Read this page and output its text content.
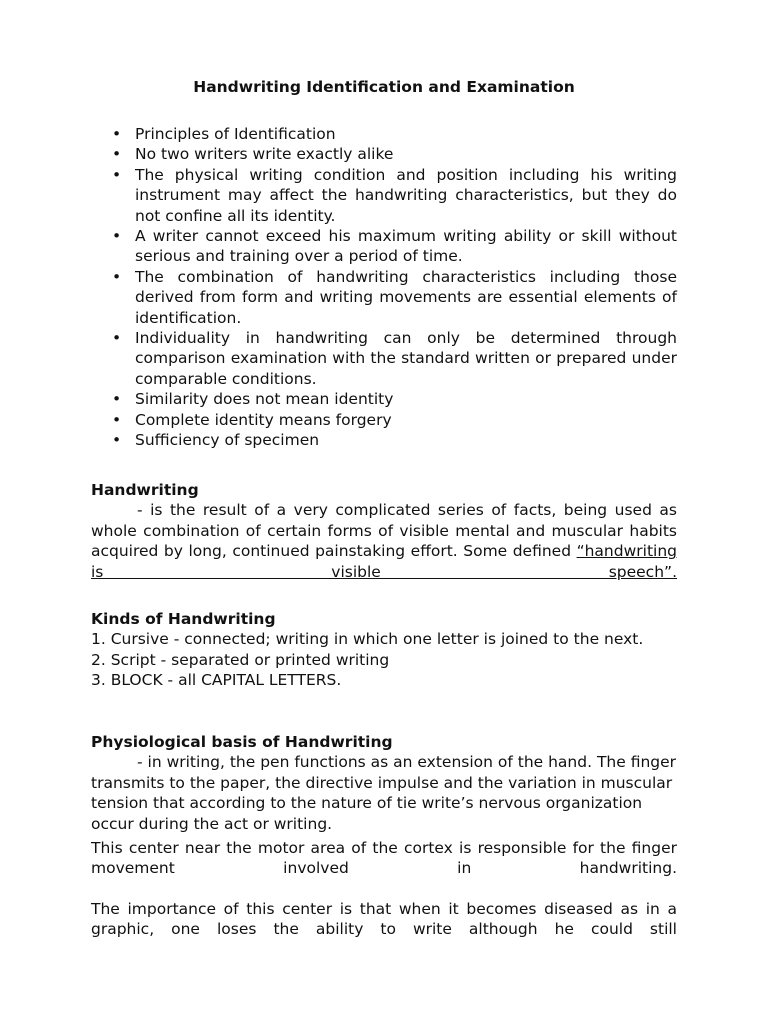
Handwriting Identification and Examination
• Principles of Identification
• No two writers write exactly alike
• The physical writing condition and position including his writing instrument may affect the handwriting characteristics, but they do not confine all its identity.
• A writer cannot exceed his maximum writing ability or skill without serious and training over a period of time.
• The combination of handwriting characteristics including those derived from form and writing movements are essential elements of identification.
• Individuality in handwriting can only be determined through comparison examination with the standard written or prepared under comparable conditions.
• Similarity does not mean identity
• Complete identity means forgery
• Sufficiency of specimen
Handwriting
- is the result of a very complicated series of facts, being used as whole combination of certain forms of visible mental and muscular habits acquired by long, continued painstaking effort. Some defined “handwriting is visible speech”.
Kinds of Handwriting
1. Cursive - connected; writing in which one letter is joined to the next.
2. Script - separated or printed writing
3. BLOCK - all CAPITAL LETTERS.
Physiological basis of Handwriting
- in writing, the pen functions as an extension of the hand. The finger transmits to the paper, the directive impulse and the variation in muscular tension that according to the nature of tie write’s nervous organization occur during the act or writing.
This center near the motor area of the cortex is responsible for the finger movement involved in handwriting.
The importance of this center is that when it becomes diseased as in a graphic, one loses the ability to write although he could still
